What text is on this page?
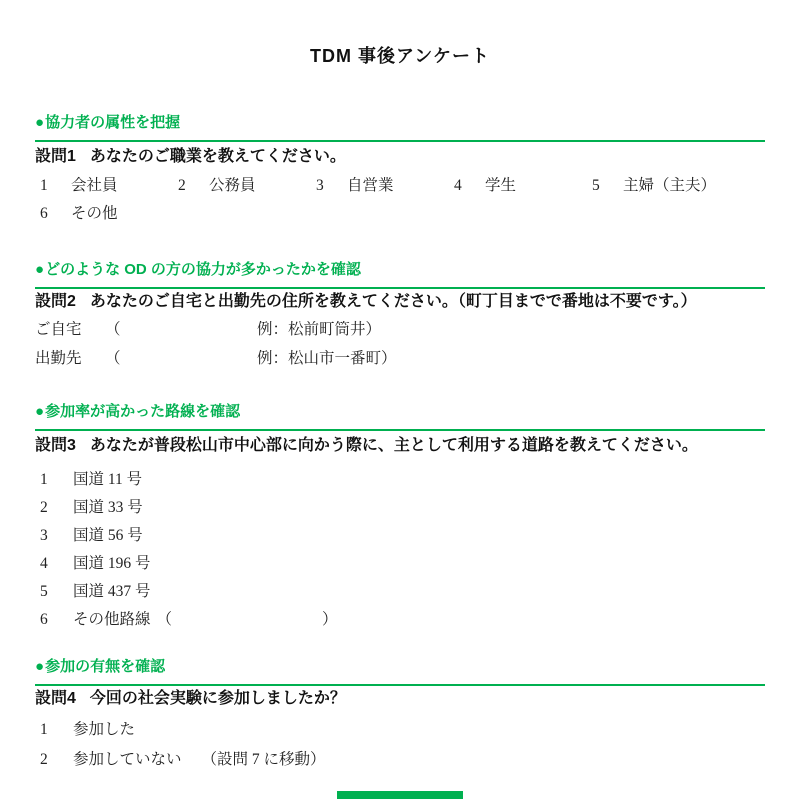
TDM 事後アンケート
●協力者の属性を把握
設問1 あなたのご職業を教えてください。
1 会社員	2 公務員	3 自営業	4 学生	5 主婦（主夫）
6 その他
●どのような OD の方の協力が多かったかを確認
設問2 あなたのご自宅と出勤先の住所を教えてください。（町丁目までで番地は不要です。）
ご自宅 （	例：松前町筒井）
出勤先 （	例：松山市一番町）
●参加率が高かった路線を確認
設問3 あなたが普段松山市中心部に向かう際に、主として利用する道路を教えてください。
1 国道 11 号
2 国道 33 号
3 国道 56 号
4 国道 196 号
5 国道 437 号
6 その他路線 （	）
●参加の有無を確認
設問4 今回の社会実験に参加しましたか？
1 参加した
2 参加していない （設問 7 に移動）
